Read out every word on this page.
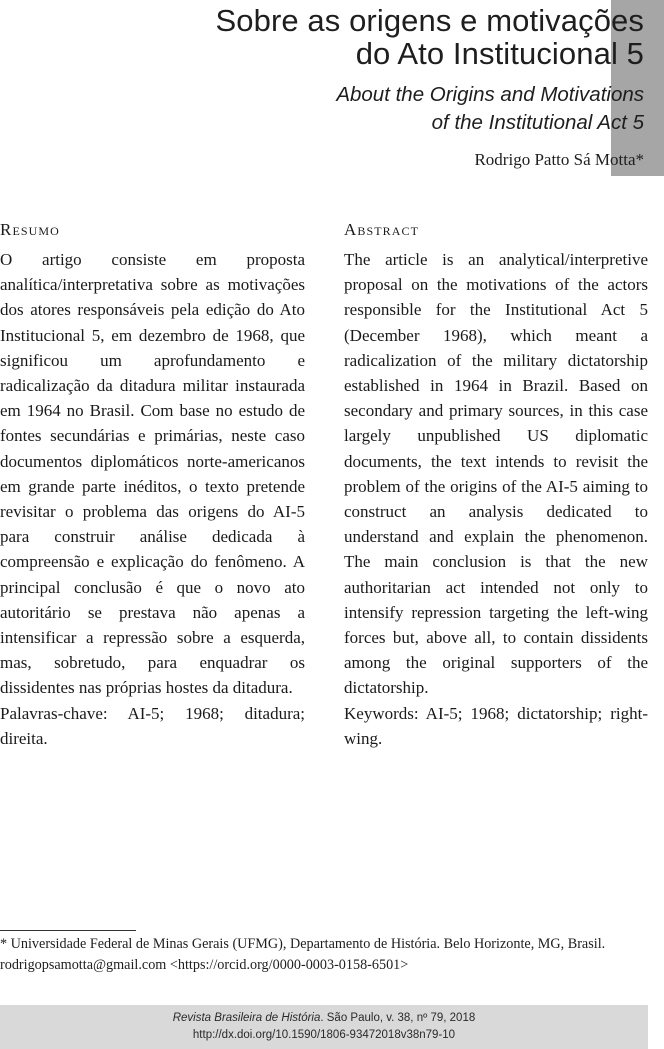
Sobre as origens e motivações
do Ato Institucional 5
About the Origins and Motivations
of the Institutional Act 5
Rodrigo Patto Sá Motta*
Resumo

O artigo consiste em proposta analítica/interpretativa sobre as motivações dos atores responsáveis pela edição do Ato Institucional 5, em dezembro de 1968, que significou um aprofundamento e radicalização da ditadura militar instaurada em 1964 no Brasil. Com base no estudo de fontes secundárias e primárias, neste caso documentos diplomáticos norte-americanos em grande parte inéditos, o texto pretende revisitar o problema das origens do AI-5 para construir análise dedicada à compreensão e explicação do fenômeno. A principal conclusão é que o novo ato autoritário se prestava não apenas a intensificar a repressão sobre a esquerda, mas, sobretudo, para enquadrar os dissidentes nas próprias hostes da ditadura.

Palavras-chave: AI-5; 1968; ditadura; direita.

Abstract

The article is an analytical/interpretive proposal on the motivations of the actors responsible for the Institutional Act 5 (December 1968), which meant a radicalization of the military dictatorship established in 1964 in Brazil. Based on secondary and primary sources, in this case largely unpublished US diplomatic documents, the text intends to revisit the problem of the origins of the AI-5 aiming to construct an analysis dedicated to understand and explain the phenomenon. The main conclusion is that the new authoritarian act intended not only to intensify repression targeting the left-wing forces but, above all, to contain dissidents among the original supporters of the dictatorship.

Keywords: AI-5; 1968; dictatorship; right-wing.

* Universidade Federal de Minas Gerais (UFMG), Departamento de História. Belo Horizonte, MG, Brasil. rodrigopsamotta@gmail.com <https://orcid.org/0000-0003-0158-6501>
Revista Brasileira de História. São Paulo, v. 38, nº 79, 2018
http://dx.doi.org/10.1590/1806-93472018v38n79-10
